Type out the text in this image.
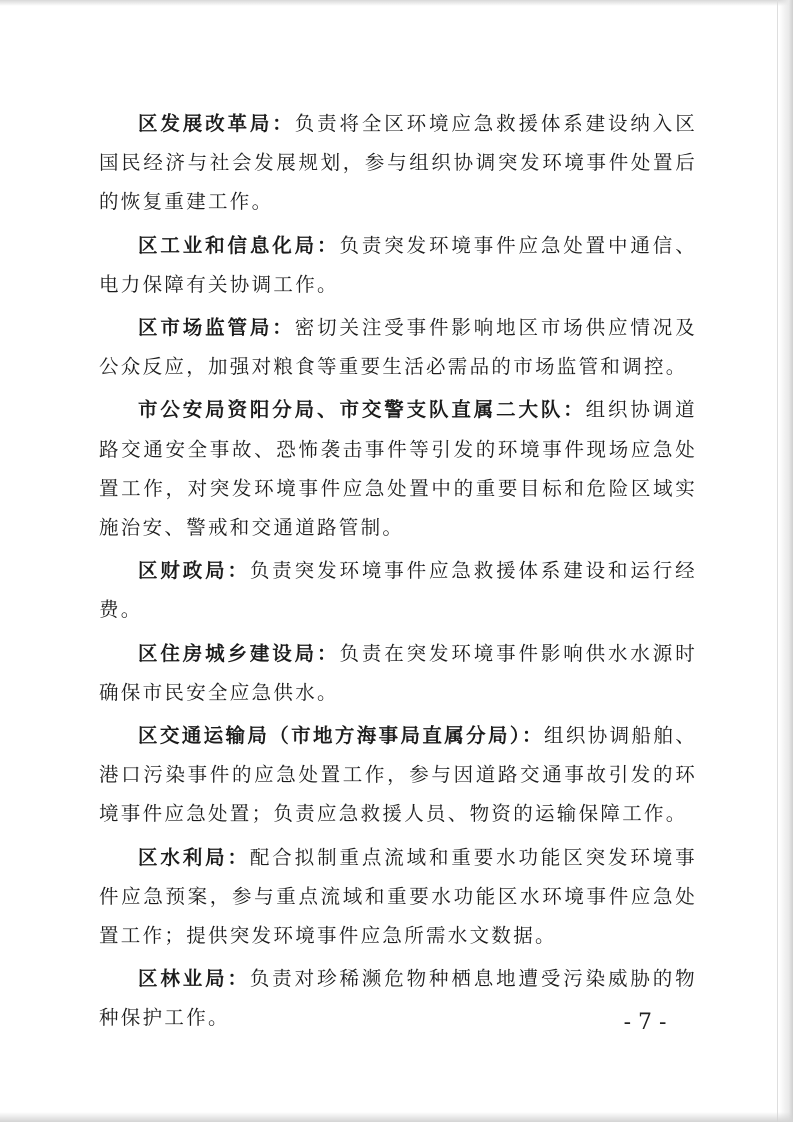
区发展改革局：负责将全区环境应急救援体系建设纳入区国民经济与社会发展规划，参与组织协调突发环境事件处置后的恢复重建工作。

区工业和信息化局：负责突发环境事件应急处置中通信、电力保障有关协调工作。

区市场监管局：密切关注受事件影响地区市场供应情况及公众反应，加强对粮食等重要生活必需品的市场监管和调控。

市公安局资阳分局、市交警支队直属二大队：组织协调道路交通安全事故、恐怖袭击事件等引发的环境事件现场应急处置工作，对突发环境事件应急处置中的重要目标和危险区域实施治安、警戒和交通道路管制。

区财政局：负责突发环境事件应急救援体系建设和运行经费。

区住房城乡建设局：负责在突发环境事件影响供水水源时确保市民安全应急供水。

区交通运输局（市地方海事局直属分局）：组织协调船舶、港口污染事件的应急处置工作，参与因道路交通事故引发的环境事件应急处置；负责应急救援人员、物资的运输保障工作。

区水利局：配合拟制重点流域和重要水功能区突发环境事件应急预案，参与重点流域和重要水功能区水环境事件应急处置工作；提供突发环境事件应急所需水文数据。

区林业局：负责对珍稀濒危物种栖息地遭受污染威胁的物种保护工作。	- 7 -
